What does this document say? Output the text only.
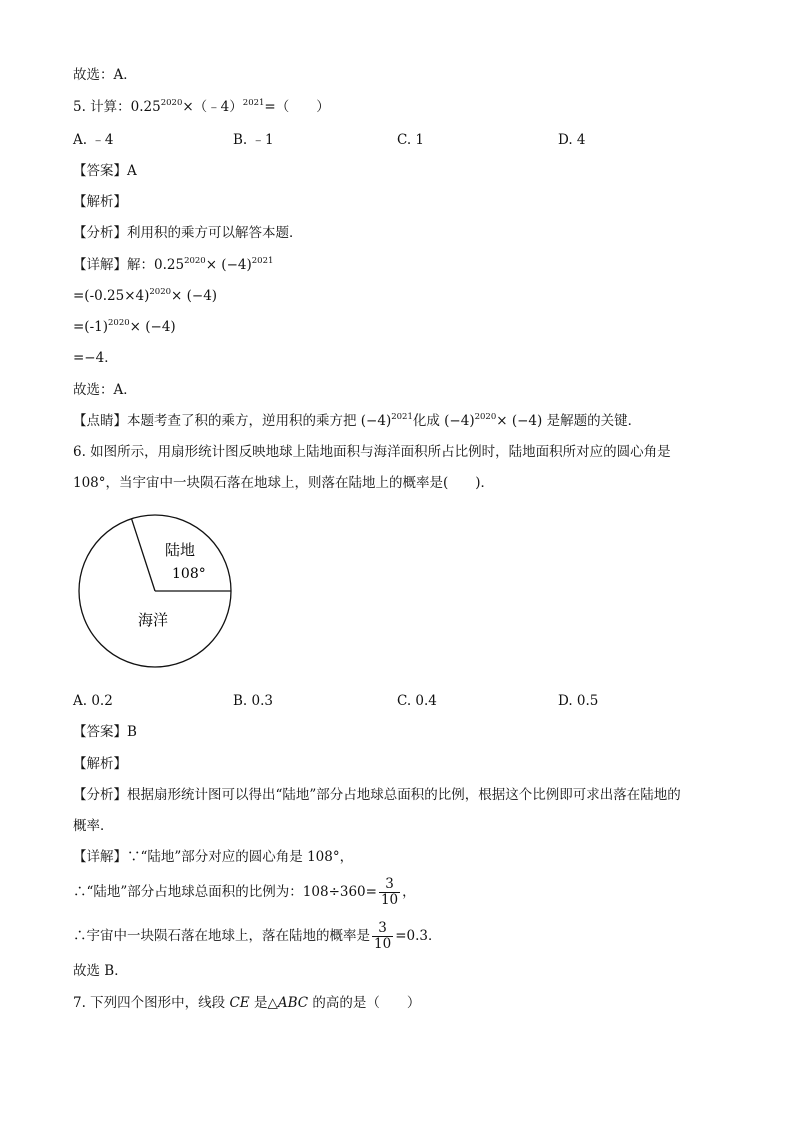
故选：A．
5. 计算：$0.25^{2020}\times(﹣4)^{2021}=$（　　）
A. ﹣4	B. ﹣1	C. 1	D. 4
【答案】A
【解析】
【分析】利用积的乘方可以解答本题．
【详解】解：$0.25^{2020}\times (-4)^{2021}$
$=(-0.25\times 4)^{2020}\times (-4)$
$=(-1)^{2020}\times (-4)$
=−4．
故选：A．
【点睛】本题考查了积的乘方，逆用积的乘方把 $(-4)^{2021}$化成 $(-4)^{2020}\times (-4)$ 是解题的关键．
6. 如图所示，用扇形统计图反映地球上陆地面积与海洋面积所占比例时，陆地面积所对应的圆心角是
108°，当宇宙中一块陨石落在地球上，则落在陆地上的概率是(　　)．
陆地
108°
海洋
A. 0.2	B. 0.3	C. 0.4	D. 0.5
【答案】B
【解析】
【分析】根据扇形统计图可以得出“陆地”部分占地球总面积的比例，根据这个比例即可求出落在陆地的
概率．
【详解】∵“陆地”部分对应的圆心角是 108°，
∴“陆地”部分占地球总面积的比例为：$108\div 360= \frac{3}{10}$ ，
∴宇宙中一块陨石落在地球上，落在陆地的概率是 $\frac{3}{10} =0.3$．
故选 B．
7. 下列四个图形中，线段 CE 是△ABC 的高的是（　　）
